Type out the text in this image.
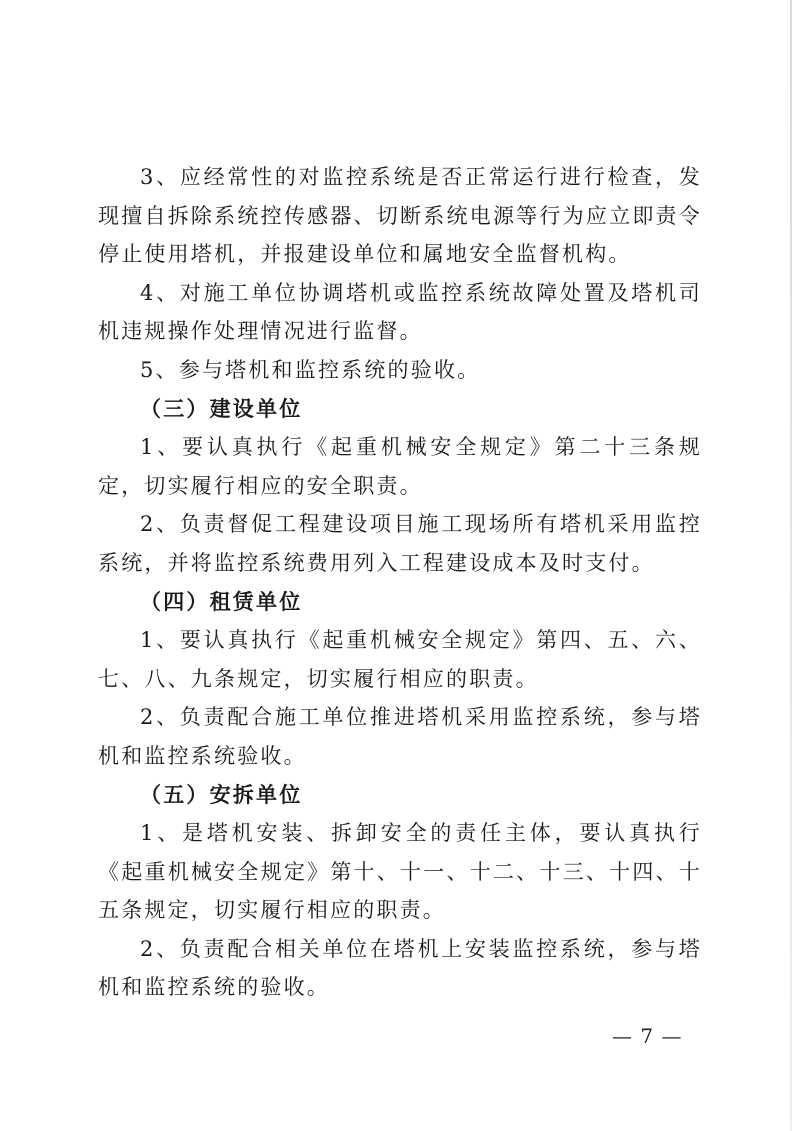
3、应经常性的对监控系统是否正常运行进行检查，发现擅自拆除系统控传感器、切断系统电源等行为应立即责令停止使用塔机，并报建设单位和属地安全监督机构。

4、对施工单位协调塔机或监控系统故障处置及塔机司机违规操作处理情况进行监督。

5、参与塔机和监控系统的验收。

（三）建设单位

1、要认真执行《起重机械安全规定》第二十三条规定，切实履行相应的安全职责。

2、负责督促工程建设项目施工现场所有塔机采用监控系统，并将监控系统费用列入工程建设成本及时支付。

（四）租赁单位

1、要认真执行《起重机械安全规定》第四、五、六、七、八、九条规定，切实履行相应的职责。

2、负责配合施工单位推进塔机采用监控系统，参与塔机和监控系统验收。

（五）安拆单位

1、是塔机安装、拆卸安全的责任主体，要认真执行《起重机械安全规定》第十、十一、十二、十三、十四、十五条规定，切实履行相应的职责。

2、负责配合相关单位在塔机上安装监控系统，参与塔机和监控系统的验收。

— 7 —
